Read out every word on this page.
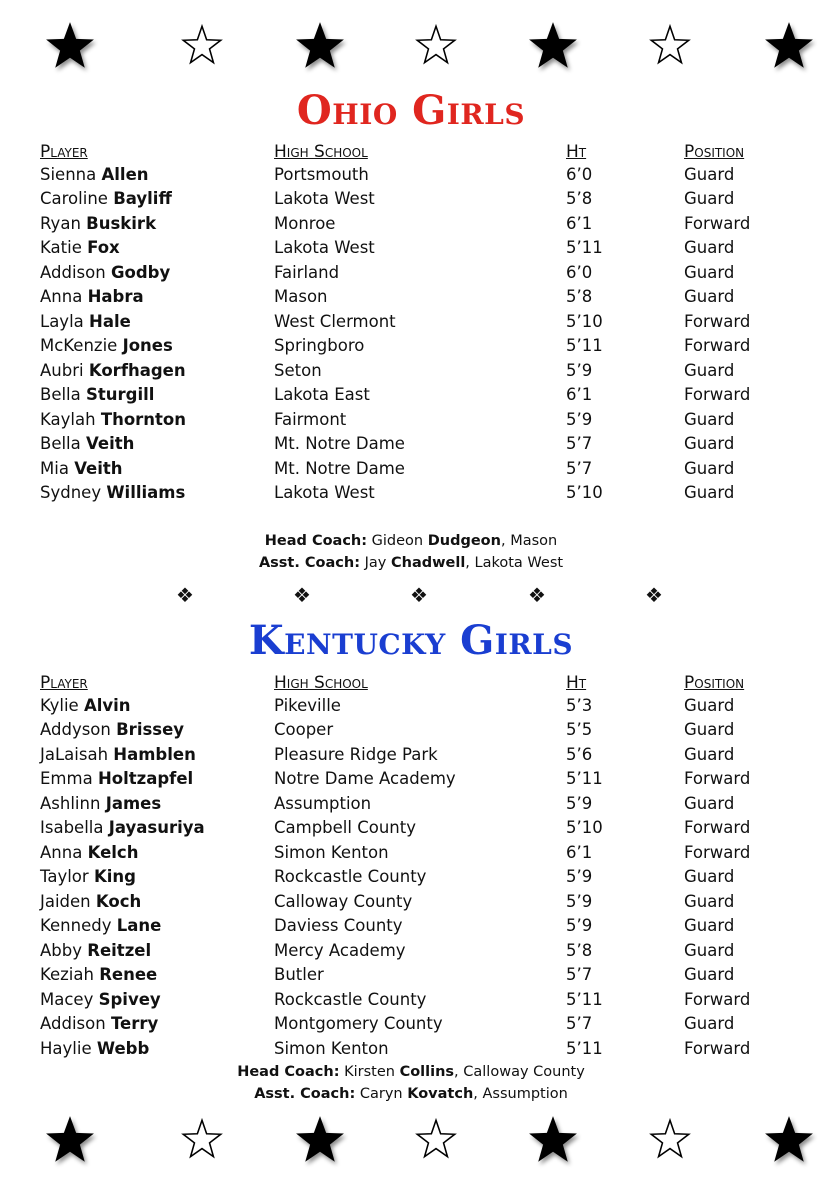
Ohio Girls
Player	High School	Ht	Position
Sienna Allen	Portsmouth	6’0	Guard
Caroline Bayliff	Lakota West	5’8	Guard
Ryan Buskirk	Monroe	6’1	Forward
Katie Fox	Lakota West	5’11	Guard
Addison Godby	Fairland	6’0	Guard
Anna Habra	Mason	5’8	Guard
Layla Hale	West Clermont	5’10	Forward
McKenzie Jones	Springboro	5’11	Forward
Aubri Korfhagen	Seton	5’9	Guard
Bella Sturgill	Lakota East	6’1	Forward
Kaylah Thornton	Fairmont	5’9	Guard
Bella Veith	Mt. Notre Dame	5’7	Guard
Mia Veith	Mt. Notre Dame	5’7	Guard
Sydney Williams	Lakota West	5’10	Guard
Head Coach: Gideon Dudgeon, Mason
Asst. Coach: Jay Chadwell, Lakota West
❖	❖	❖	❖	❖
Kentucky Girls
Player	High School	Ht	Position
Kylie Alvin	Pikeville	5’3	Guard
Addyson Brissey	Cooper	5’5	Guard
JaLaisah Hamblen	Pleasure Ridge Park	5’6	Guard
Emma Holtzapfel	Notre Dame Academy	5’11	Forward
Ashlinn James	Assumption	5’9	Guard
Isabella Jayasuriya	Campbell County	5’10	Forward
Anna Kelch	Simon Kenton	6’1	Forward
Taylor King	Rockcastle County	5’9	Guard
Jaiden Koch	Calloway County	5’9	Guard
Kennedy Lane	Daviess County	5’9	Guard
Abby Reitzel	Mercy Academy	5’8	Guard
Keziah Renee	Butler	5’7	Guard
Macey Spivey	Rockcastle County	5’11	Forward
Addison Terry	Montgomery County	5’7	Guard
Haylie Webb	Simon Kenton	5’11	Forward
Head Coach: Kirsten Collins, Calloway County
Asst. Coach: Caryn Kovatch, Assumption
